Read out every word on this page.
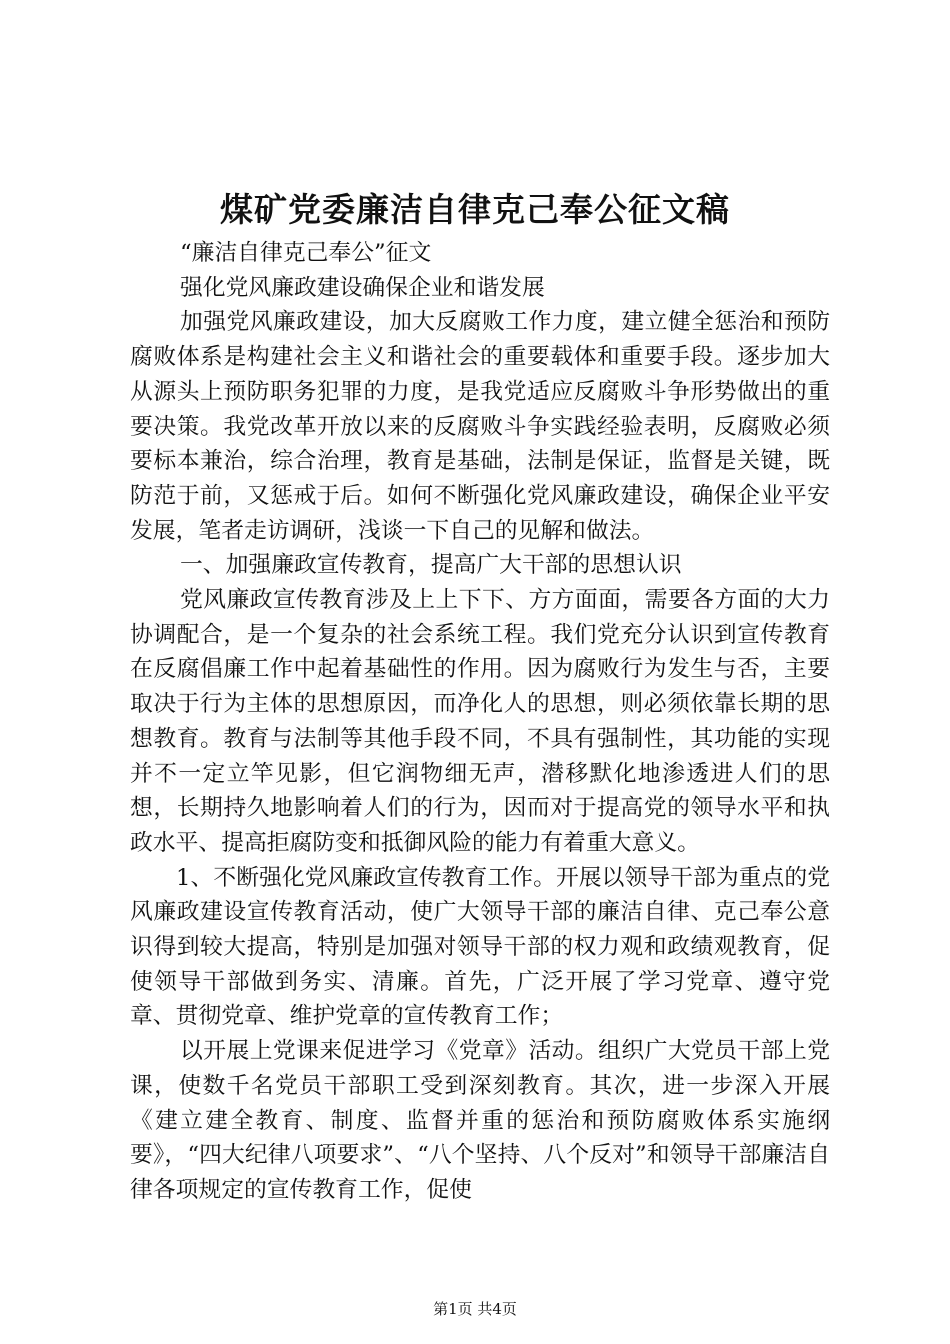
煤矿党委廉洁自律克己奉公征文稿

“廉洁自律克己奉公”征文

强化党风廉政建设确保企业和谐发展

加强党风廉政建设，加大反腐败工作力度，建立健全惩治和预防腐败体系是构建社会主义和谐社会的重要载体和重要手段。逐步加大从源头上预防职务犯罪的力度，是我党适应反腐败斗争形势做出的重要决策。我党改革开放以来的反腐败斗争实践经验表明，反腐败必须要标本兼治，综合治理，教育是基础，法制是保证，监督是关键，既防范于前，又惩戒于后。如何不断强化党风廉政建设，确保企业平安发展，笔者走访调研，浅谈一下自己的见解和做法。

一、加强廉政宣传教育，提高广大干部的思想认识

党风廉政宣传教育涉及上上下下、方方面面，需要各方面的大力协调配合，是一个复杂的社会系统工程。我们党充分认识到宣传教育在反腐倡廉工作中起着基础性的作用。因为腐败行为发生与否，主要取决于行为主体的思想原因，而净化人的思想，则必须依靠长期的思想教育。教育与法制等其他手段不同，不具有强制性，其功能的实现并不一定立竿见影，但它润物细无声，潜移默化地渗透进人们的思想，长期持久地影响着人们的行为，因而对于提高党的领导水平和执政水平、提高拒腐防变和抵御风险的能力有着重大意义。

1、不断强化党风廉政宣传教育工作。开展以领导干部为重点的党风廉政建设宣传教育活动，使广大领导干部的廉洁自律、克己奉公意识得到较大提高，特别是加强对领导干部的权力观和政绩观教育，促使领导干部做到务实、清廉。首先，广泛开展了学习党章、遵守党章、贯彻党章、维护党章的宣传教育工作；

以开展上党课来促进学习《党章》活动。组织广大党员干部上党课，使数千名党员干部职工受到深刻教育。其次，进一步深入开展《建立建全教育、制度、监督并重的惩治和预防腐败体系实施纲要》，“四大纪律八项要求”、“八个坚持、八个反对”和领导干部廉洁自律各项规定的宣传教育工作，促使

第1页 共4页
